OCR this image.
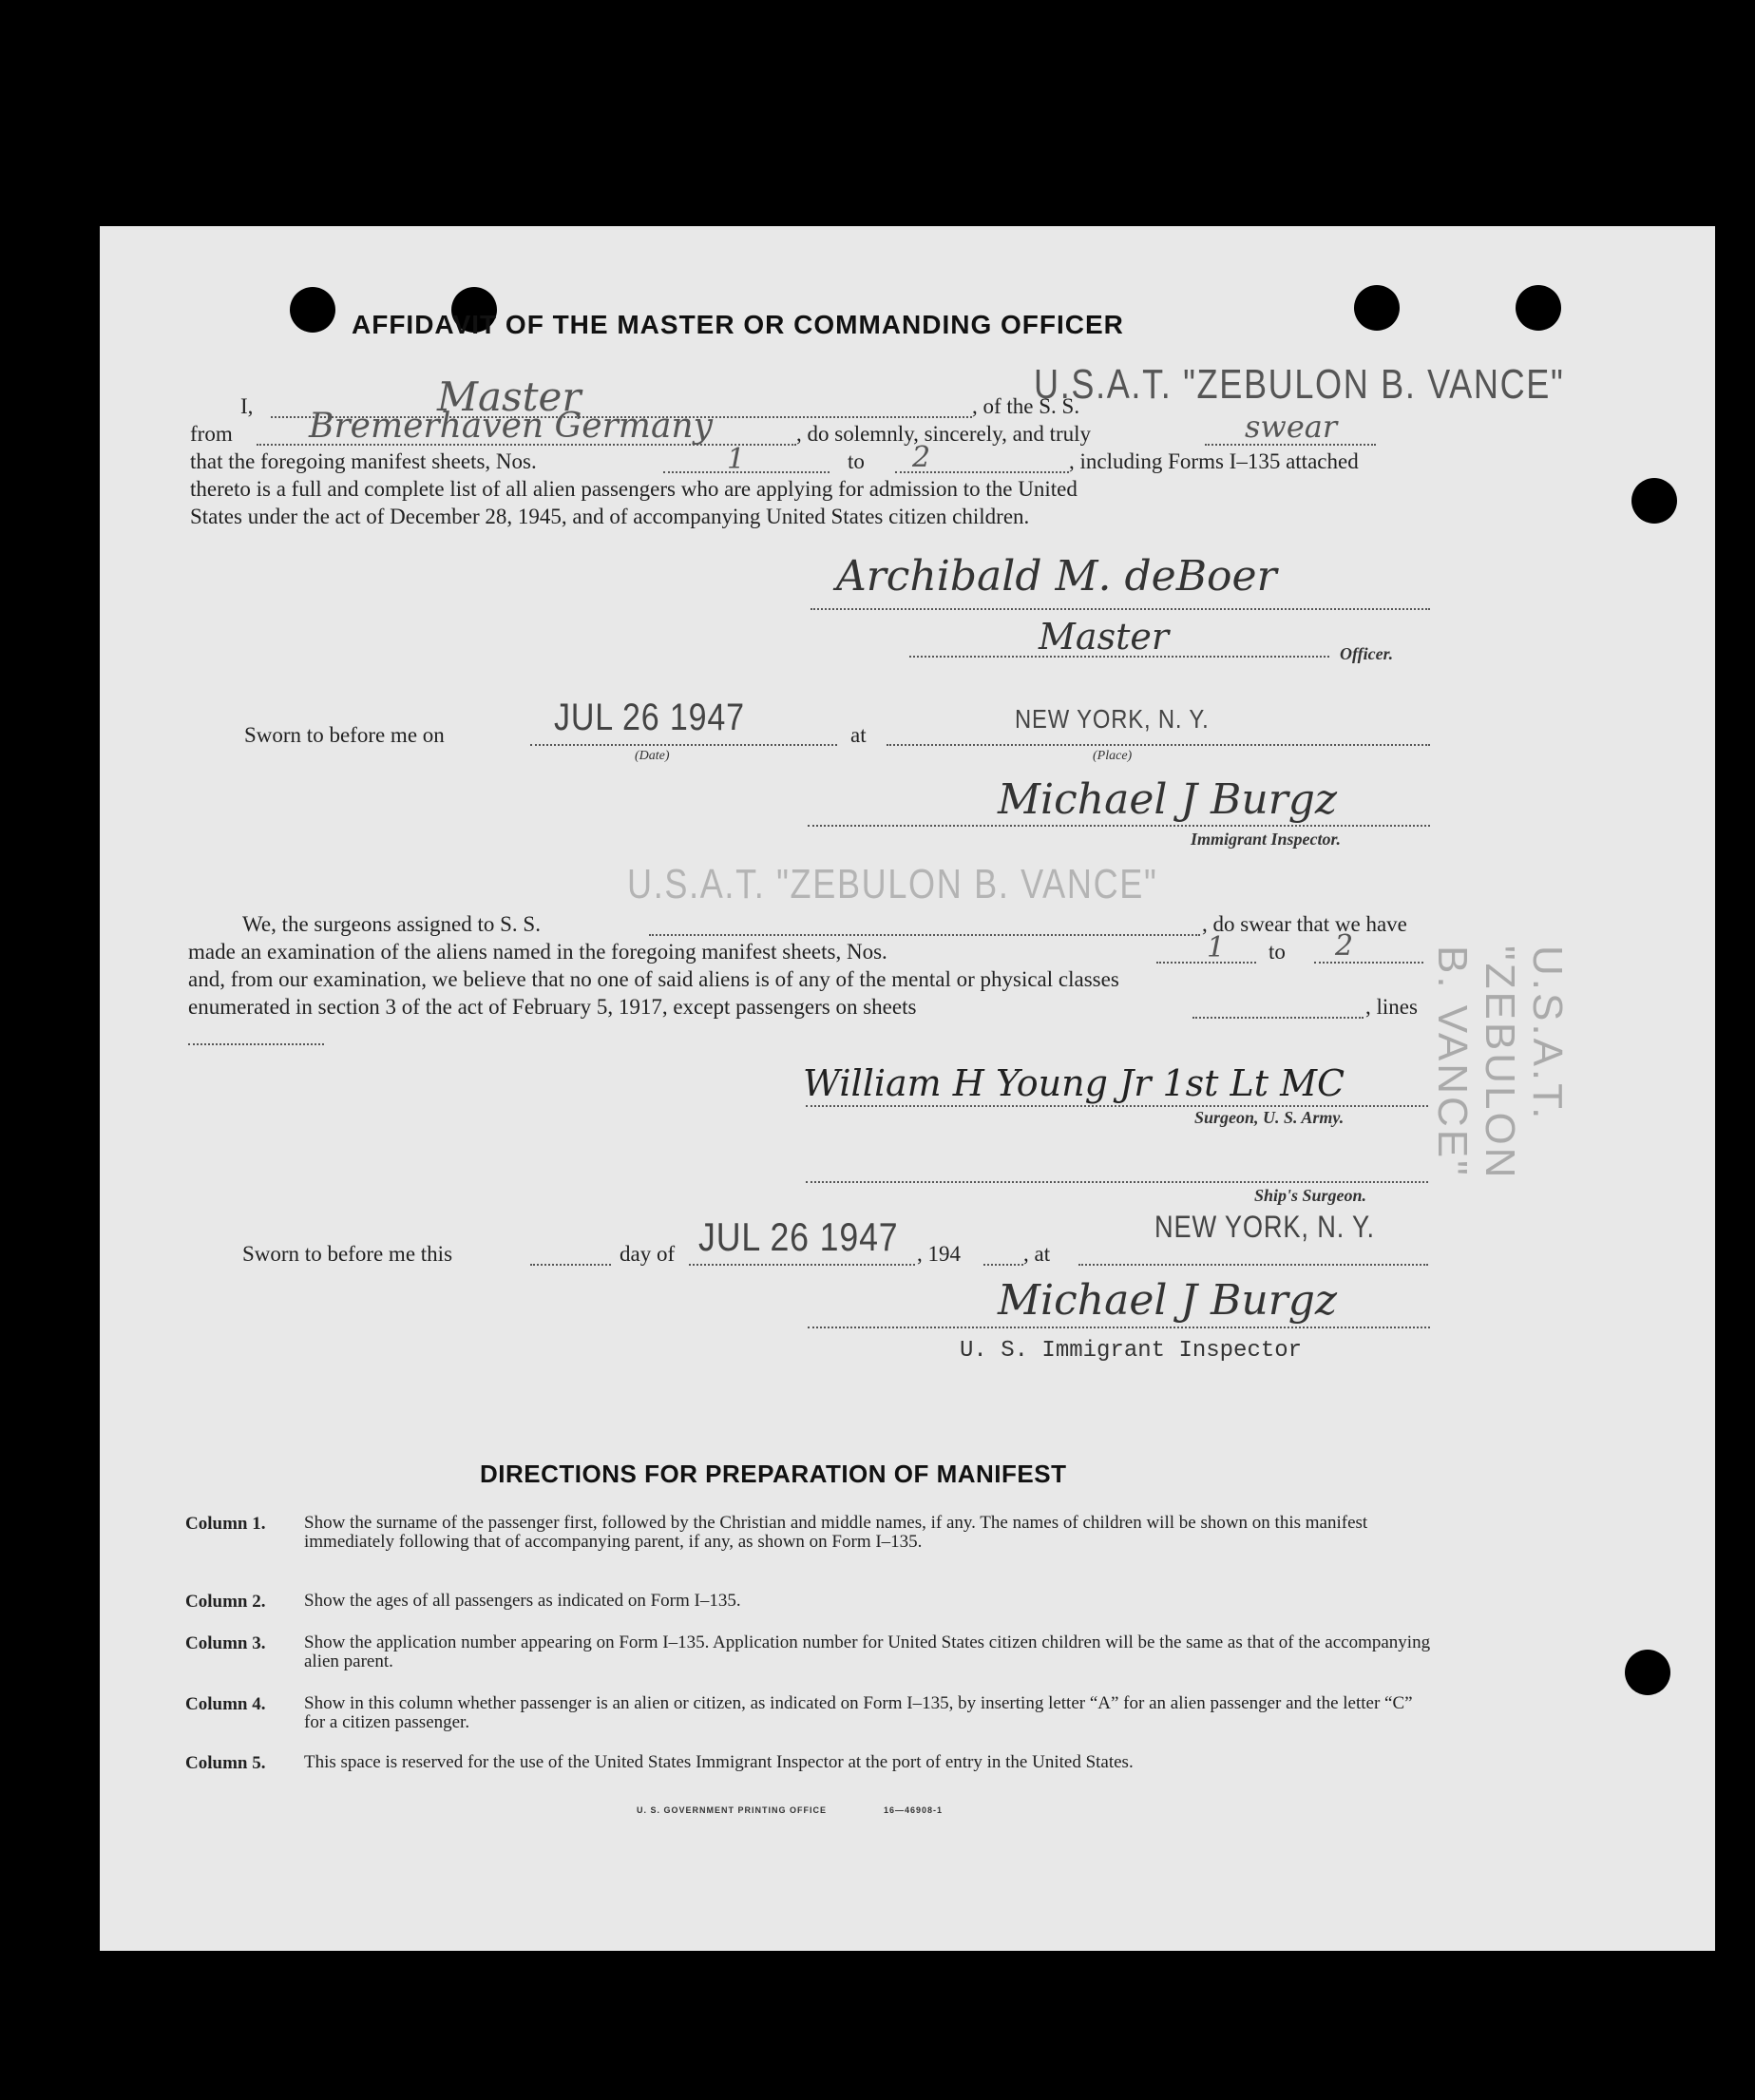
AFFIDAVIT OF THE MASTER OR COMMANDING OFFICER
I,	Master	, of the S. S.
U.S.A.T. "ZEBULON B. VANCE"
from Bremerhaven Germany	, do solemnly, sincerely, and truly	swear
that the foregoing manifest sheets, Nos.	1	to 2	, including Forms I–135 attached
thereto is a full and complete list of all alien passengers who are applying for admission to the United
States under the act of December 28, 1945, and of accompanying United States citizen children.
Archibald M. deBoer
Master	Officer.
Sworn to before me on	JUL 26 1947
(Date)
at
NEW YORK, N. Y.
(Place)
Michael J Burgz
Immigrant Inspector.
U.S.A.T. "ZEBULON B. VANCE"
We, the surgeons assigned to S. S.	, do swear that we have
made an examination of the aliens named in the foregoing manifest sheets, Nos.	1 to 2
and, from our examination, we believe that no one of said aliens is of any of the mental or physical classes
enumerated in section 3 of the act of February 5, 1917, except passengers on sheets	, lines
William H Young Jr 1st Lt MC
Surgeon, U. S. Army.
Ship's Surgeon.
Sworn to before me this	day of JUL 26 1947 , 194	, at
NEW YORK, N. Y.
Michael J Burgz
U. S. Immigrant Inspector
DIRECTIONS FOR PREPARATION OF MANIFEST
Column 1. Show the surname of the passenger first, followed by the Christian and middle names, if any. The names of children will be shown on this manifest immediately following that of accompanying parent, if any, as shown on Form I–135.
Column 2. Show the ages of all passengers as indicated on Form I–135.
Column 3. Show the application number appearing on Form I–135. Application number for United States citizen children will be the same as that of the accompanying alien parent.
Column 4. Show in this column whether passenger is an alien or citizen, as indicated on Form I–135, by inserting letter “A” for an alien passenger and the letter “C” for a citizen passenger.
Column 5. This space is reserved for the use of the United States Immigrant Inspector at the port of entry in the United States.
U. S. GOVERNMENT PRINTING OFFICE	16—46908-1
U.S.A.T. "ZEBULON B. VANCE"
